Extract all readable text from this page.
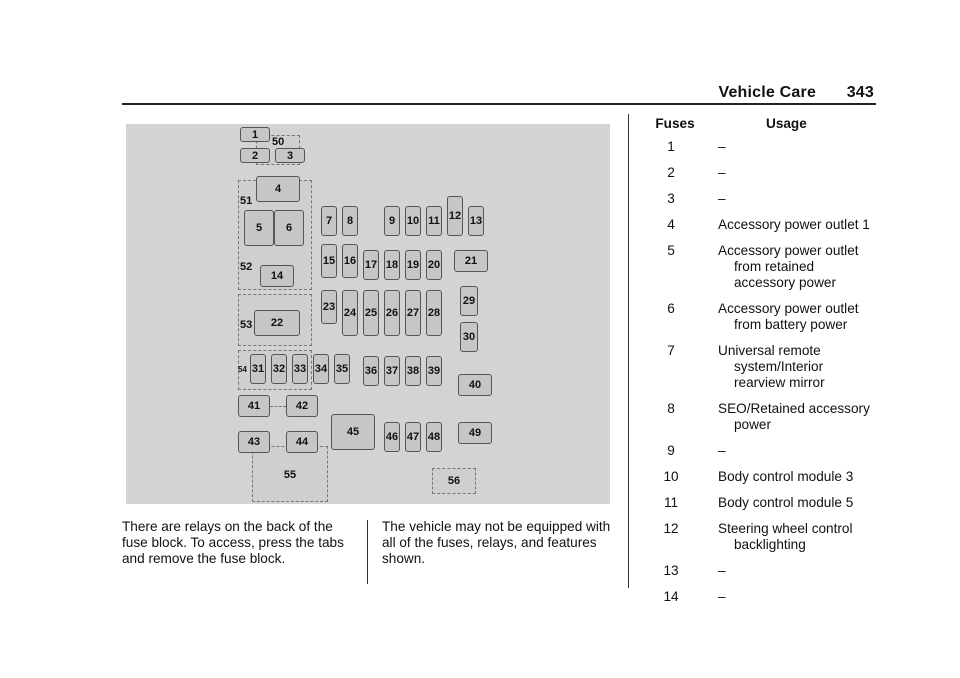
Vehicle Care 343
50
51
52
53
54
1
2	3
4
5	6
7	8	9	10 11 12 13
14
15 16 17 18 19 20	21
22
23 24 25 26 27 28
29
30
31 32 33 34 35 36 37 38 39
40
41	42
43	44
45	46 47 48	49
55	56

There are relays on the back of the fuse block. To access, press the tabs and remove the fuse block.

The vehicle may not be equipped with all of the fuses, relays, and features shown.

Fuses	Usage
1	–
2	–
3	–
4	Accessory power outlet 1
5	Accessory power outlet from retained accessory power
6	Accessory power outlet from battery power
7	Universal remote system/Interior rearview mirror
8	SEO/Retained accessory power
9	–
10	Body control module 3
11	Body control module 5
12	Steering wheel control backlighting
13	–
14	–
